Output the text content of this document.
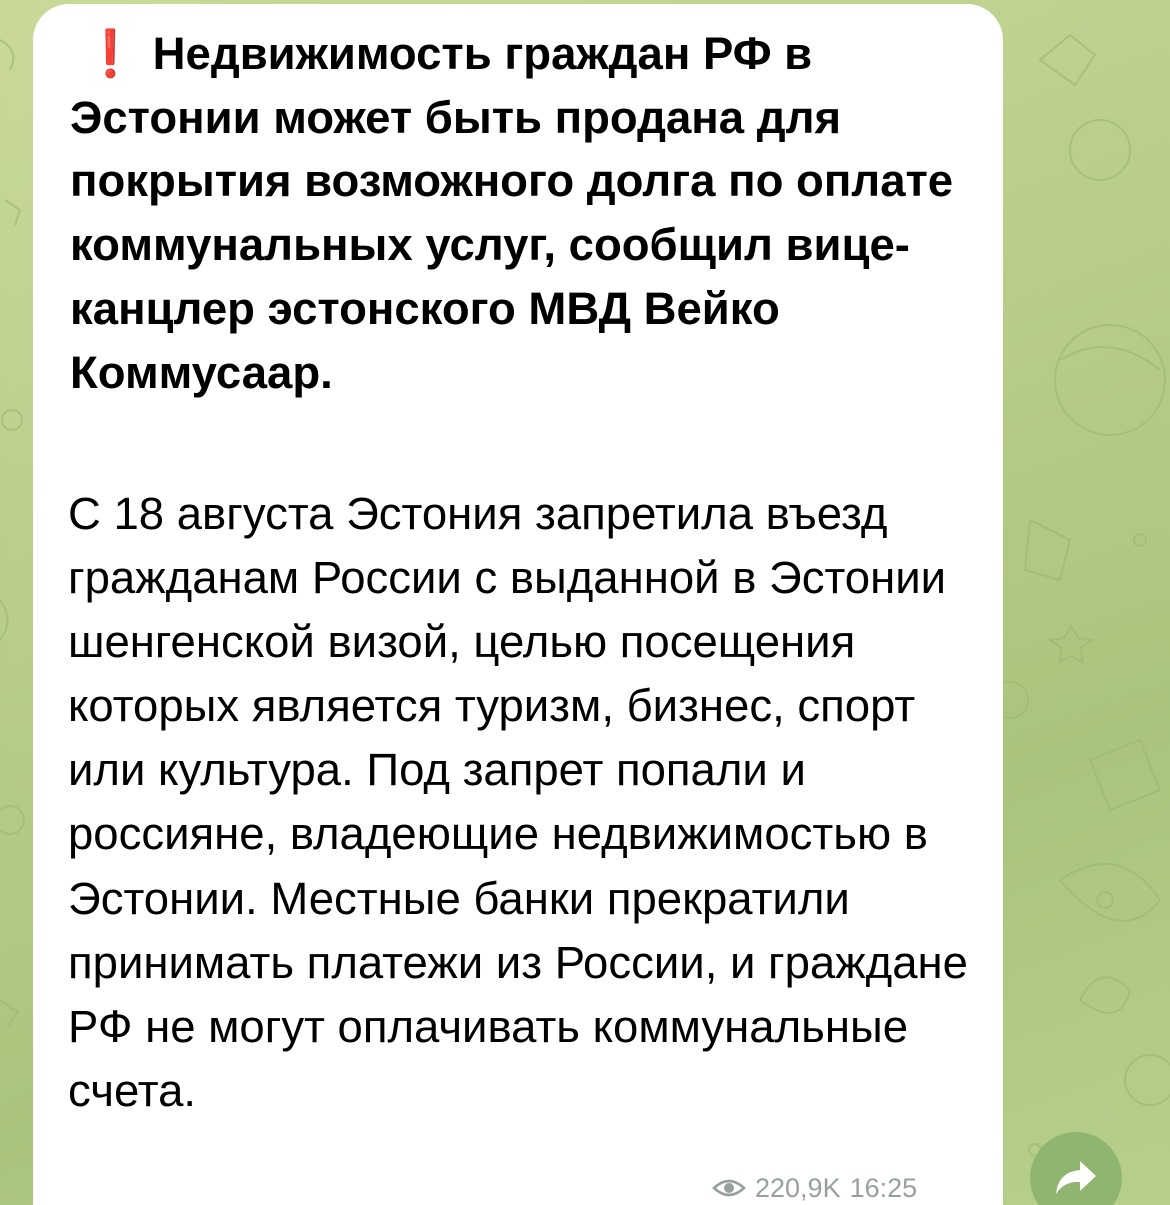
❗ Недвижимость граждан РФ в Эстонии может быть продана для покрытия возможного долга по оплате коммунальных услуг, сообщил вице-канцлер эстонского МВД Вейко Коммусаар.

С 18 августа Эстония запретила въезд гражданам России с выданной в Эстонии шенгенской визой, целью посещения которых является туризм, бизнес, спорт или культура. Под запрет попали и россияне, владеющие недвижимостью в Эстонии. Местные банки прекратили принимать платежи из России, и граждане РФ не могут оплачивать коммунальные счета.

220,9K 16:25
